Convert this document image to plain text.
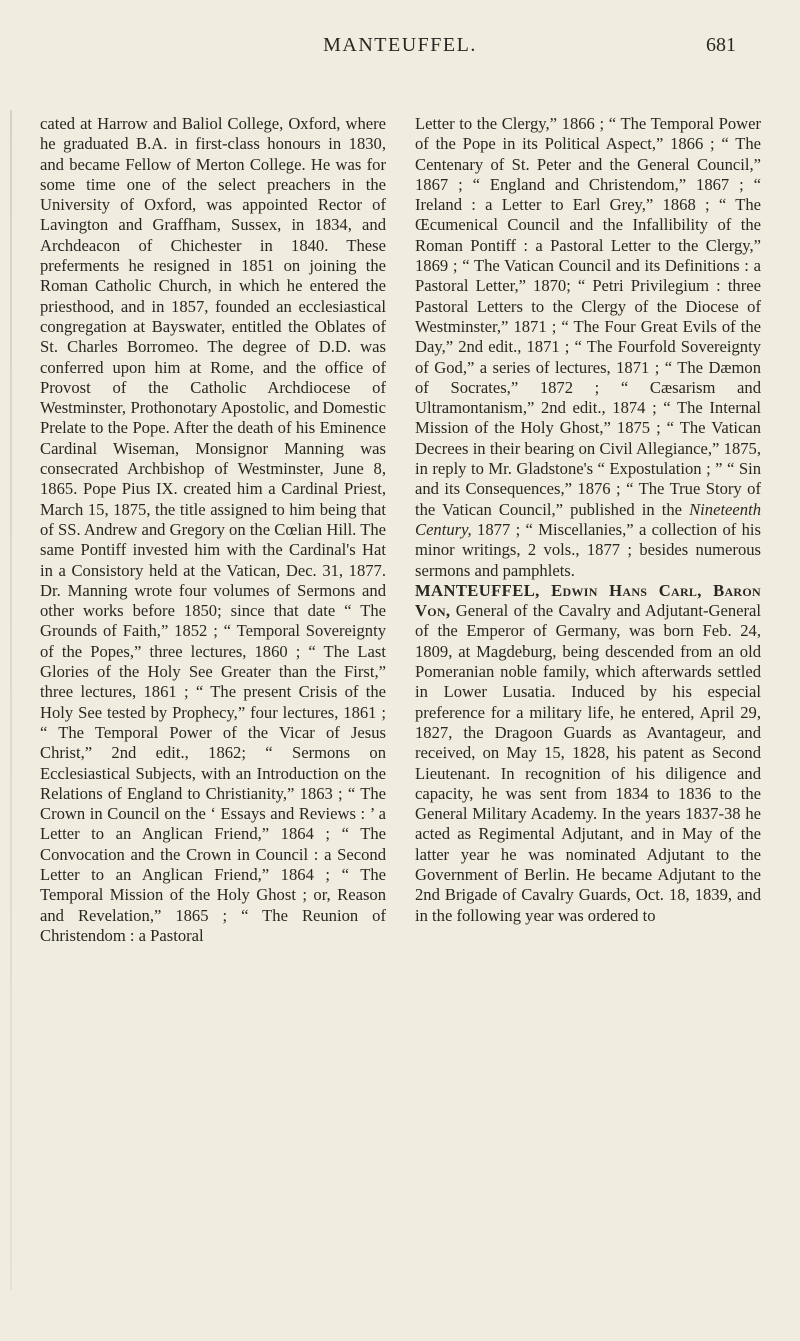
MANTEUFFEL.	681

cated at Harrow and Baliol College, Oxford, where he graduated B.A. in first-class honours in 1830, and became Fellow of Merton College. He was for some time one of the select preachers in the University of Oxford, was appointed Rector of Lavington and Graffham, Sussex, in 1834, and Archdeacon of Chichester in 1840. These preferments he resigned in 1851 on joining the Roman Catholic Church, in which he entered the priesthood, and in 1857, founded an ecclesiastical congregation at Bayswater, entitled the Oblates of St. Charles Borromeo. The degree of D.D. was conferred upon him at Rome, and the office of Provost of the Catholic Archdiocese of Westminster, Prothonotary Apostolic, and Domestic Prelate to the Pope. After the death of his Eminence Cardinal Wiseman, Monsignor Manning was consecrated Archbishop of Westminster, June 8, 1865. Pope Pius IX. created him a Cardinal Priest, March 15, 1875, the title assigned to him being that of SS. Andrew and Gregory on the Cœlian Hill. The same Pontiff invested him with the Cardinal's Hat in a Consistory held at the Vatican, Dec. 31, 1877. Dr. Manning wrote four volumes of Sermons and other works before 1850; since that date “ The Grounds of Faith,” 1852 ; “ Temporal Sovereignty of the Popes,” three lectures, 1860 ; “ The Last Glories of the Holy See Greater than the First,” three lectures, 1861 ; “ The present Crisis of the Holy See tested by Prophecy,” four lectures, 1861 ; “ The Temporal Power of the Vicar of Jesus Christ,” 2nd edit., 1862; “ Sermons on Ecclesiastical Subjects, with an Introduction on the Relations of England to Christianity,” 1863 ; “ The Crown in Council on the ‘ Essays and Reviews : ’ a Letter to an Anglican Friend,” 1864 ; “ The Convocation and the Crown in Council : a Second Letter to an Anglican Friend,” 1864 ; “ The Temporal Mission of the Holy Ghost ; or, Reason and Revelation,” 1865 ; “ The Reunion of Christendom : a Pastoral

Letter to the Clergy,” 1866 ; “ The Temporal Power of the Pope in its Political Aspect,” 1866 ; “ The Centenary of St. Peter and the General Council,” 1867 ; “ England and Christendom,” 1867 ; “ Ireland : a Letter to Earl Grey,” 1868 ; “ The Œcumenical Council and the Infallibility of the Roman Pontiff : a Pastoral Letter to the Clergy,” 1869 ; “ The Vatican Council and its Definitions : a Pastoral Letter,” 1870; “ Petri Privilegium : three Pastoral Letters to the Clergy of the Diocese of Westminster,” 1871 ; “ The Four Great Evils of the Day,” 2nd edit., 1871 ; “ The Fourfold Sovereignty of God,” a series of lectures, 1871 ; “ The Dæmon of Socrates,” 1872 ; “ Cæsarism and Ultramontanism,” 2nd edit., 1874 ; “ The Internal Mission of the Holy Ghost,” 1875 ; “ The Vatican Decrees in their bearing on Civil Allegiance,” 1875, in reply to Mr. Gladstone's “ Expostulation ; ” “ Sin and its Consequences,” 1876 ; “ The True Story of the Vatican Council,” published in the Nineteenth Century, 1877 ; “ Miscellanies,” a collection of his minor writings, 2 vols., 1877 ; besides numerous sermons and pamphlets.

MANTEUFFEL, Edwin Hans Carl, Baron Von, General of the Cavalry and Adjutant-General of the Emperor of Germany, was born Feb. 24, 1809, at Magdeburg, being descended from an old Pomeranian noble family, which afterwards settled in Lower Lusatia. Induced by his especial preference for a military life, he entered, April 29, 1827, the Dragoon Guards as Avantageur, and received, on May 15, 1828, his patent as Second Lieutenant. In recognition of his diligence and capacity, he was sent from 1834 to 1836 to the General Military Academy. In the years 1837-38 he acted as Regimental Adjutant, and in May of the latter year he was nominated Adjutant to the Government of Berlin. He became Adjutant to the 2nd Brigade of Cavalry Guards, Oct. 18, 1839, and in the following year was ordered to
